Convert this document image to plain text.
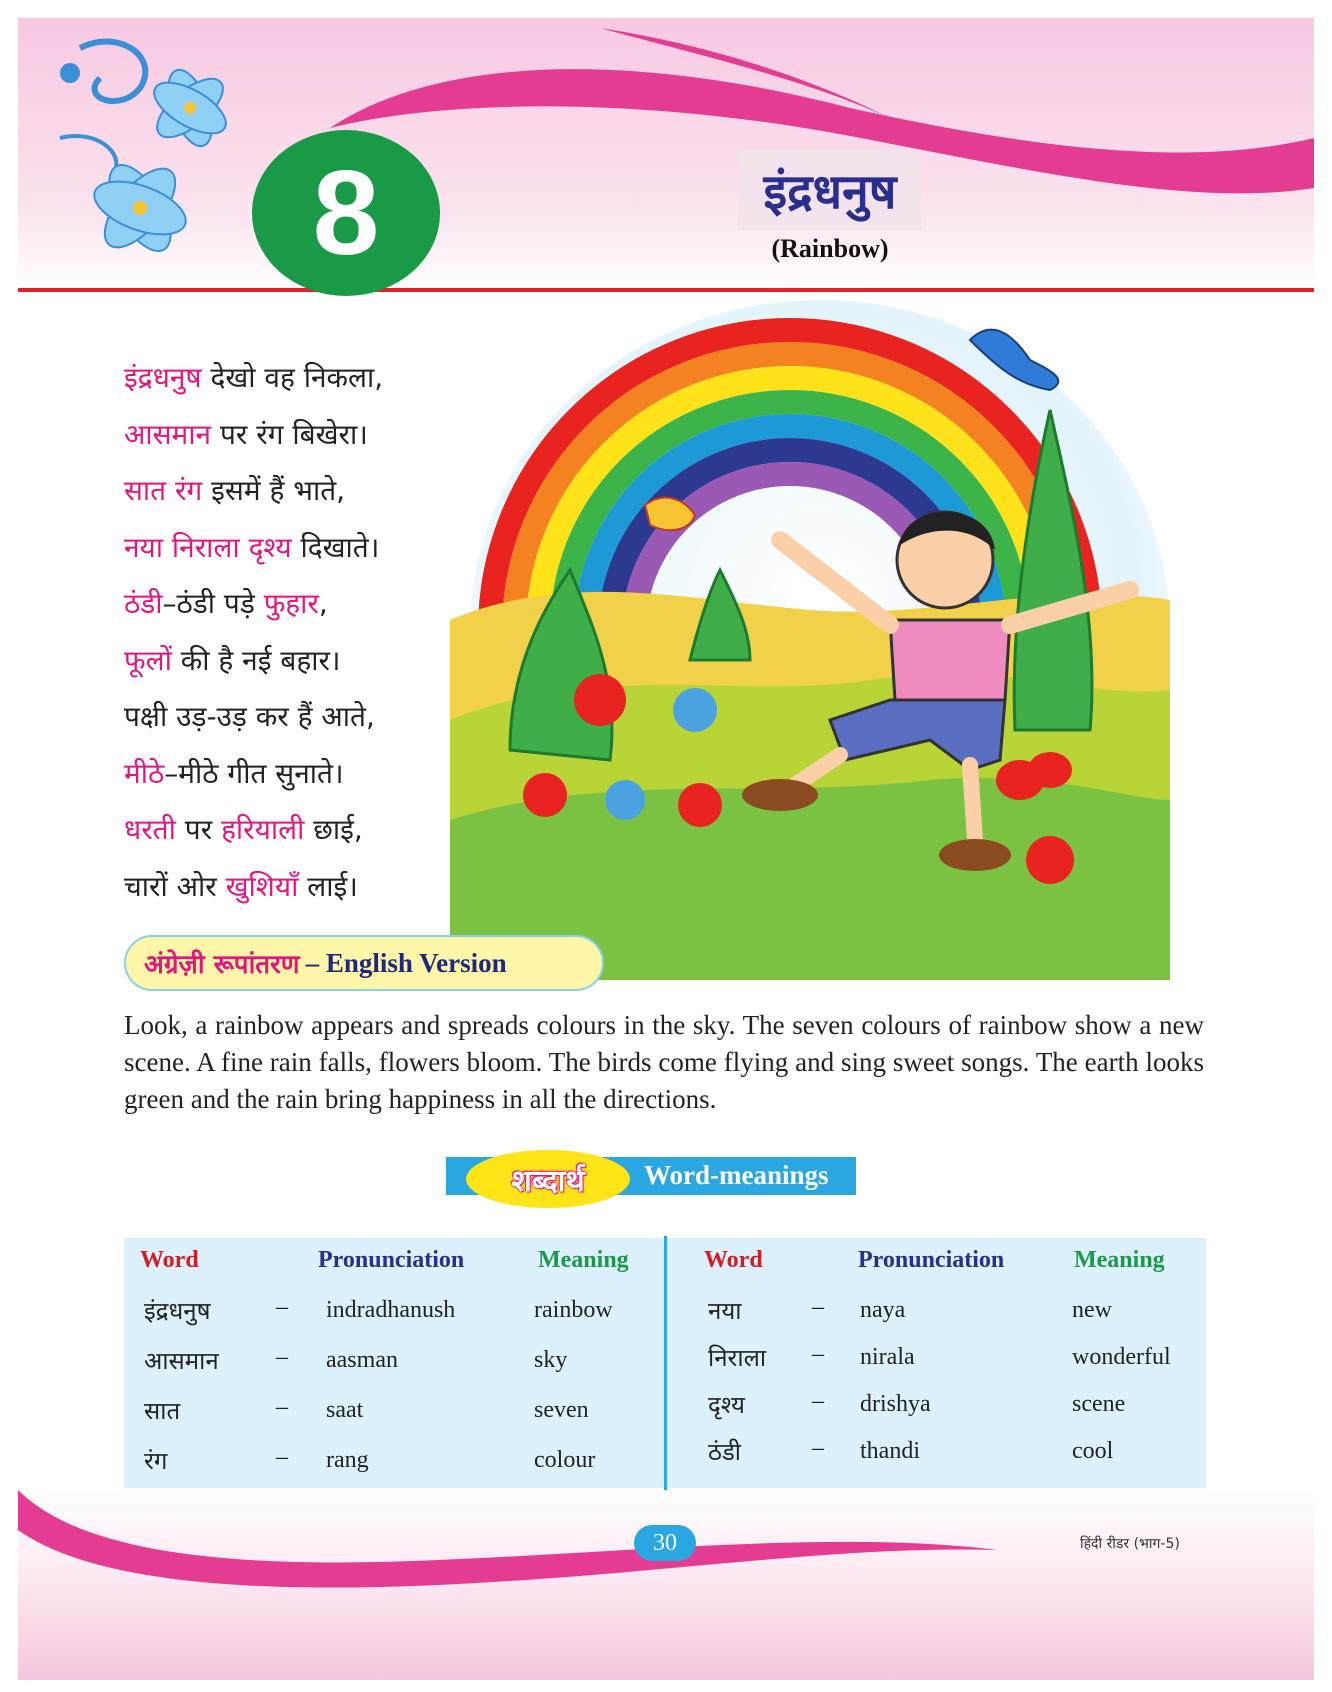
8	इंद्रधनुष
(Rainbow)
इंद्रधनुष देखो वह निकला,
आसमान पर रंग बिखेरा।
सात रंग इसमें हैं भाते,
नया निराला दृश्य दिखाते।
ठंडी–ठंडी पड़े फुहार,
फूलों की है नई बहार।
पक्षी उड़-उड़ कर हैं आते,
मीठे–मीठे गीत सुनाते।
धरती पर हरियाली छाई,
चारों ओर खुशियाँ लाई।
अंग्रेज़ी रूपांतरण – English Version
Look, a rainbow appears and spreads colours in the sky. The seven colours of rainbow show a new scene. A fine rain falls, flowers bloom. The birds come flying and sing sweet songs. The earth looks green and the rain bring happiness in all the directions.
शब्दार्थ Word-meanings
Word	Pronunciation	Meaning	Word	Pronunciation	Meaning
इंद्रधनुष	– indradhanush	rainbow
आसमान – aasman	sky
सात	– saat	seven
रंग	– rang	colour
नया	– naya	new
निराला – nirala	wonderful
दृश्य	– drishya	scene
ठंडी	– thandi	cool
30	हिंदी रीडर (भाग-5)
